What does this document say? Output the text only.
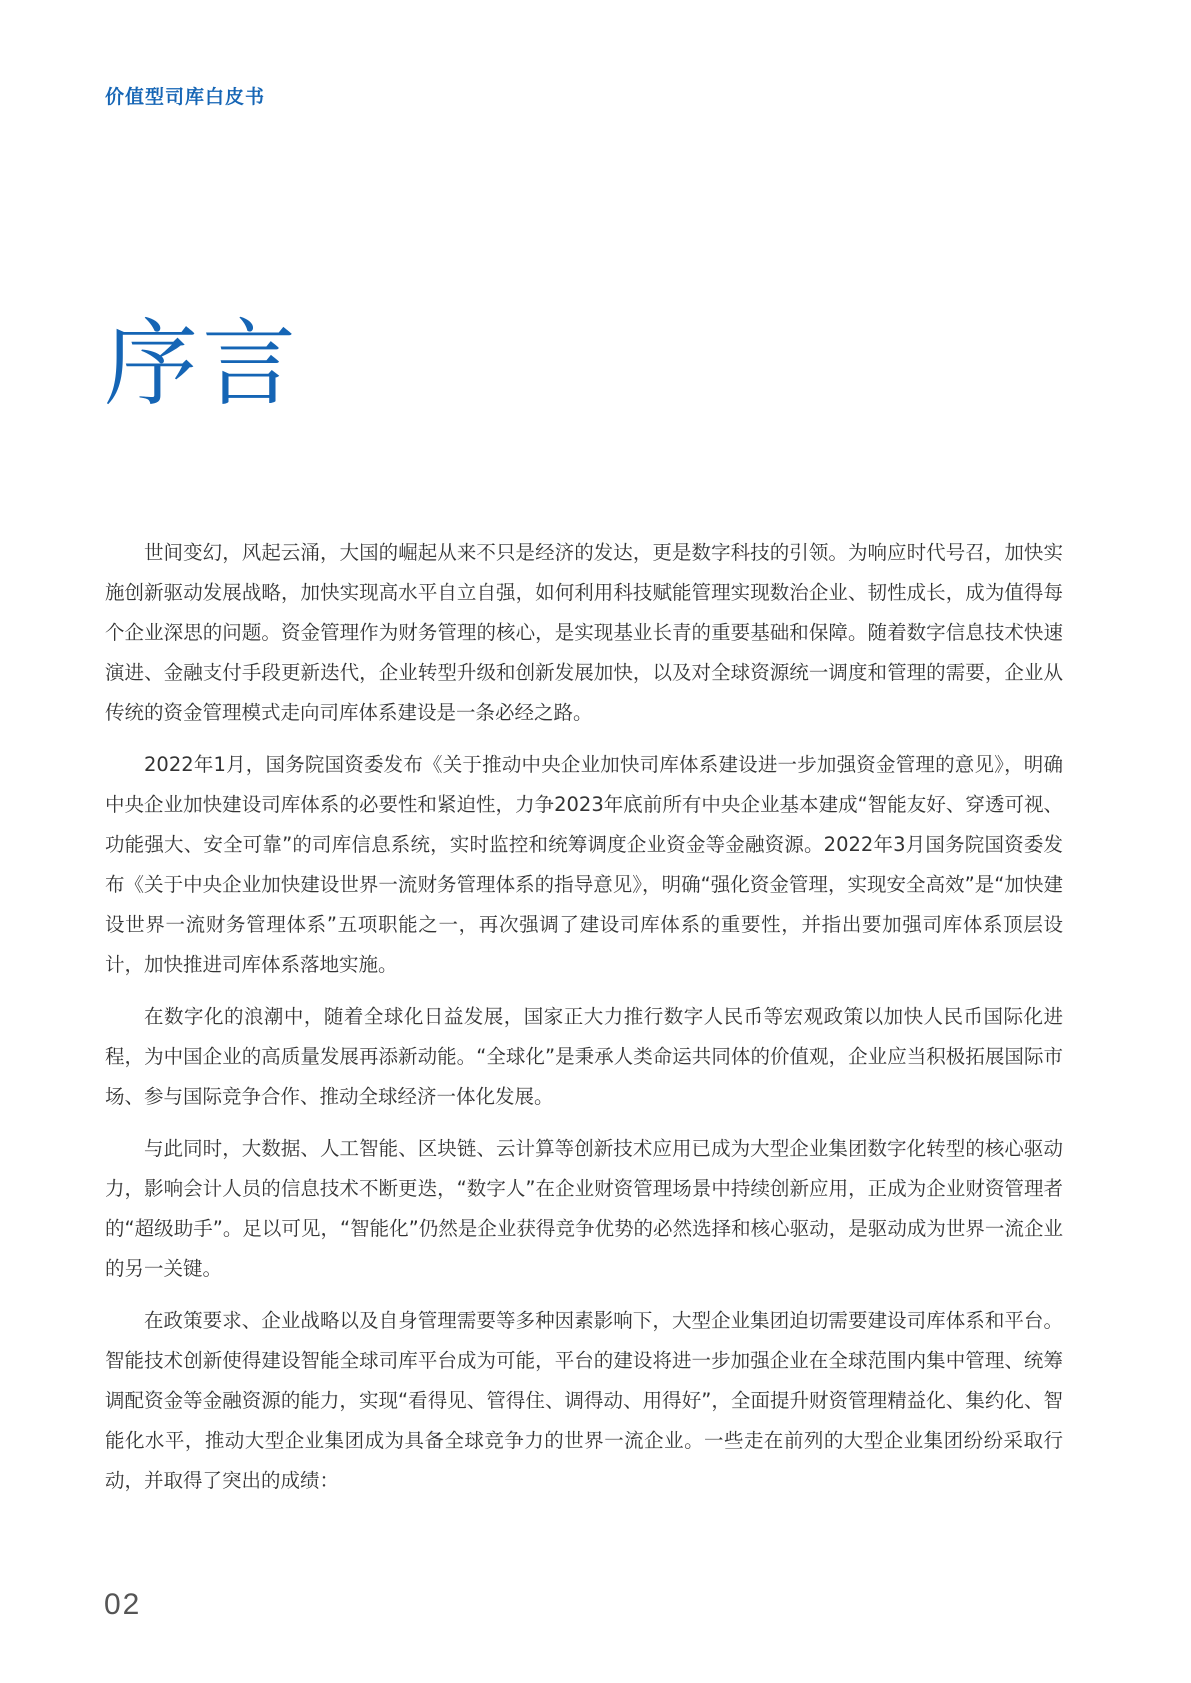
价值型司库白皮书
序言

世间变幻，风起云涌，大国的崛起从来不只是经济的发达，更是数字科技的引领。为响应时代号召，加快实施创新驱动发展战略，加快实现高水平自立自强，如何利用科技赋能管理实现数治企业、韧性成长，成为值得每个企业深思的问题。资金管理作为财务管理的核心，是实现基业长青的重要基础和保障。随着数字信息技术快速演进、金融支付手段更新迭代，企业转型升级和创新发展加快，以及对全球资源统一调度和管理的需要，企业从传统的资金管理模式走向司库体系建设是一条必经之路。

2022年1月，国务院国资委发布《关于推动中央企业加快司库体系建设进一步加强资金管理的意见》，明确中央企业加快建设司库体系的必要性和紧迫性，力争2023年底前所有中央企业基本建成“智能友好、穿透可视、功能强大、安全可靠”的司库信息系统，实时监控和统筹调度企业资金等金融资源。2022年3月国务院国资委发布《关于中央企业加快建设世界一流财务管理体系的指导意见》，明确“强化资金管理，实现安全高效”是“加快建设世界一流财务管理体系”五项职能之一，再次强调了建设司库体系的重要性，并指出要加强司库体系顶层设计，加快推进司库体系落地实施。

在数字化的浪潮中，随着全球化日益发展，国家正大力推行数字人民币等宏观政策以加快人民币国际化进程，为中国企业的高质量发展再添新动能。“全球化”是秉承人类命运共同体的价值观，企业应当积极拓展国际市场、参与国际竞争合作、推动全球经济一体化发展。

与此同时，大数据、人工智能、区块链、云计算等创新技术应用已成为大型企业集团数字化转型的核心驱动力，影响会计人员的信息技术不断更迭，“数字人”在企业财资管理场景中持续创新应用，正成为企业财资管理者的“超级助手”。足以可见，“智能化”仍然是企业获得竞争优势的必然选择和核心驱动，是驱动成为世界一流企业的另一关键。

在政策要求、企业战略以及自身管理需要等多种因素影响下，大型企业集团迫切需要建设司库体系和平台。智能技术创新使得建设智能全球司库平台成为可能，平台的建设将进一步加强企业在全球范围内集中管理、统筹调配资金等金融资源的能力，实现“看得见、管得住、调得动、用得好”，全面提升财资管理精益化、集约化、智能化水平，推动大型企业集团成为具备全球竞争力的世界一流企业。一些走在前列的大型企业集团纷纷采取行动，并取得了突出的成绩：

02
